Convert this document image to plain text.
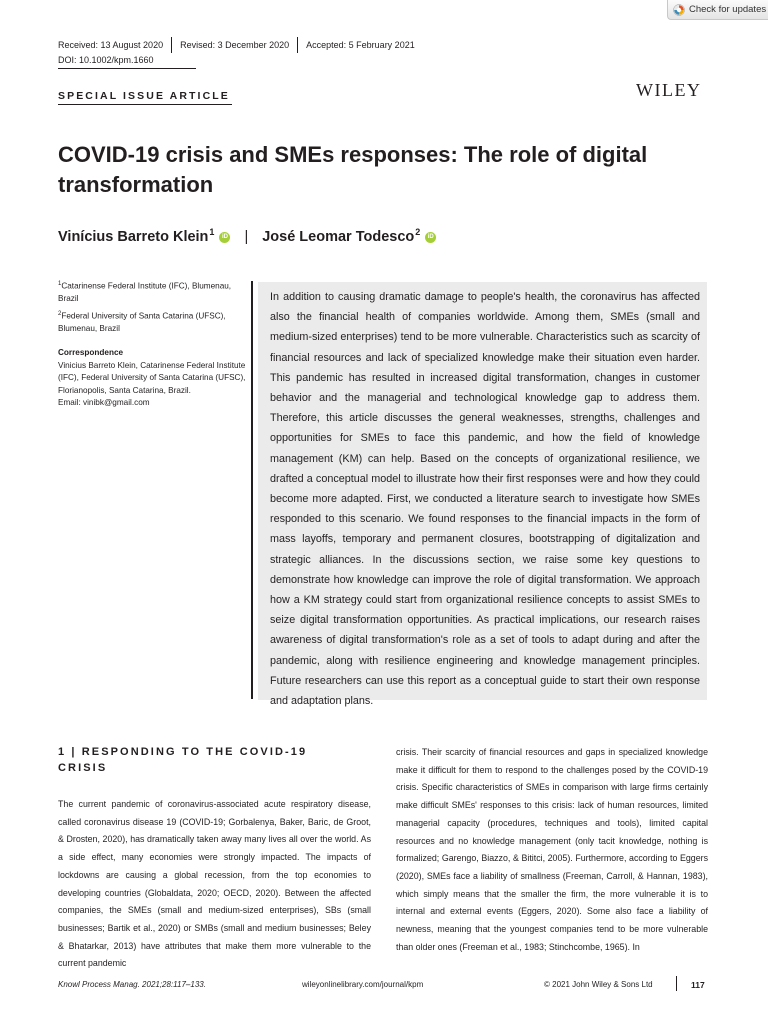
Check for updates
Received: 13 August 2020 Revised: 3 December 2020 Accepted: 5 February 2021
DOI: 10.1002/kpm.1660
SPECIAL ISSUE ARTICLE	WILEY
COVID-19 crisis and SMEs responses: The role of digital transformation
Vinícius Barreto Klein$^1$	iD | José Leomar Todesco$^2$	iD
$^1$Catarinense Federal Institute (IFC), Blumenau, Brazil
$^2$Federal University of Santa Catarina (UFSC), Blumenau, Brazil
Correspondence
Vinicius Barreto Klein, Catarinense Federal Institute (IFC), Federal University of Santa Catarina (UFSC), Florianopolis, Santa Catarina, Brazil.
Email: vinibk@gmail.com
In addition to causing dramatic damage to people's health, the coronavirus has affected also the financial health of companies worldwide. Among them, SMEs (small and medium-sized enterprises) tend to be more vulnerable. Characteristics such as scarcity of financial resources and lack of specialized knowledge make their situation even harder. This pandemic has resulted in increased digital transformation, changes in customer behavior and the managerial and technological knowledge gap to address them. Therefore, this article discusses the general weaknesses, strengths, challenges and opportunities for SMEs to face this pandemic, and how the field of knowledge management (KM) can help. Based on the concepts of organizational resilience, we drafted a conceptual model to illustrate how their first responses were and how they could become more adapted. First, we conducted a literature search to investigate how SMEs responded to this scenario. We found responses to the financial impacts in the form of mass layoffs, temporary and permanent closures, bootstrapping of digitalization and strategic alliances. In the discussions section, we raise some key questions to demonstrate how knowledge can improve the role of digital transformation. We approach how a KM strategy could start from organizational resilience concepts to assist SMEs to seize digital transformation opportunities. As practical implications, our research raises awareness of digital transformation's role as a set of tools to adapt during and after the pandemic, along with resilience engineering and knowledge management principles. Future researchers can use this report as a conceptual guide to start their own response and adaptation plans.
1 | RESPONDING TO THE COVID-19 CRISIS
The current pandemic of coronavirus-associated acute respiratory disease, called coronavirus disease 19 (COVID-19; Gorbalenya, Baker, Baric, de Groot, & Drosten, 2020), has dramatically taken away many lives all over the world. As a side effect, many economies were strongly impacted. The impacts of lockdowns are causing a global recession, from the top economies to developing countries (Globaldata, 2020; OECD, 2020). Between the affected companies, the SMEs (small and medium-sized enterprises), SBs (small businesses; Bartik et al., 2020) or SMBs (small and medium businesses; Beley & Bhatarkar, 2013) have attributes that make them more vulnerable to the current pandemic
crisis. Their scarcity of financial resources and gaps in specialized knowledge make it difficult for them to respond to the challenges posed by the COVID-19 crisis. Specific characteristics of SMEs in comparison with large firms certainly make difficult SMEs' responses to this crisis: lack of human resources, limited managerial capacity (procedures, techniques and tools), limited capital resources and no knowledge management (only tacit knowledge, nothing is formalized; Garengo, Biazzo, & Bititci, 2005). Furthermore, according to Eggers (2020), SMEs face a liability of smallness (Freeman, Carroll, & Hannan, 1983), which simply means that the smaller the firm, the more vulnerable it is to internal and external events (Eggers, 2020). Some also face a liability of newness, meaning that the youngest companies tend to be more vulnerable than older ones (Freeman et al., 1983; Stinchcombe, 1965). In
Knowl Process Manag. 2021;28:117–133.	wileyonlinelibrary.com/journal/kpm	© 2021 John Wiley & Sons Ltd	117
